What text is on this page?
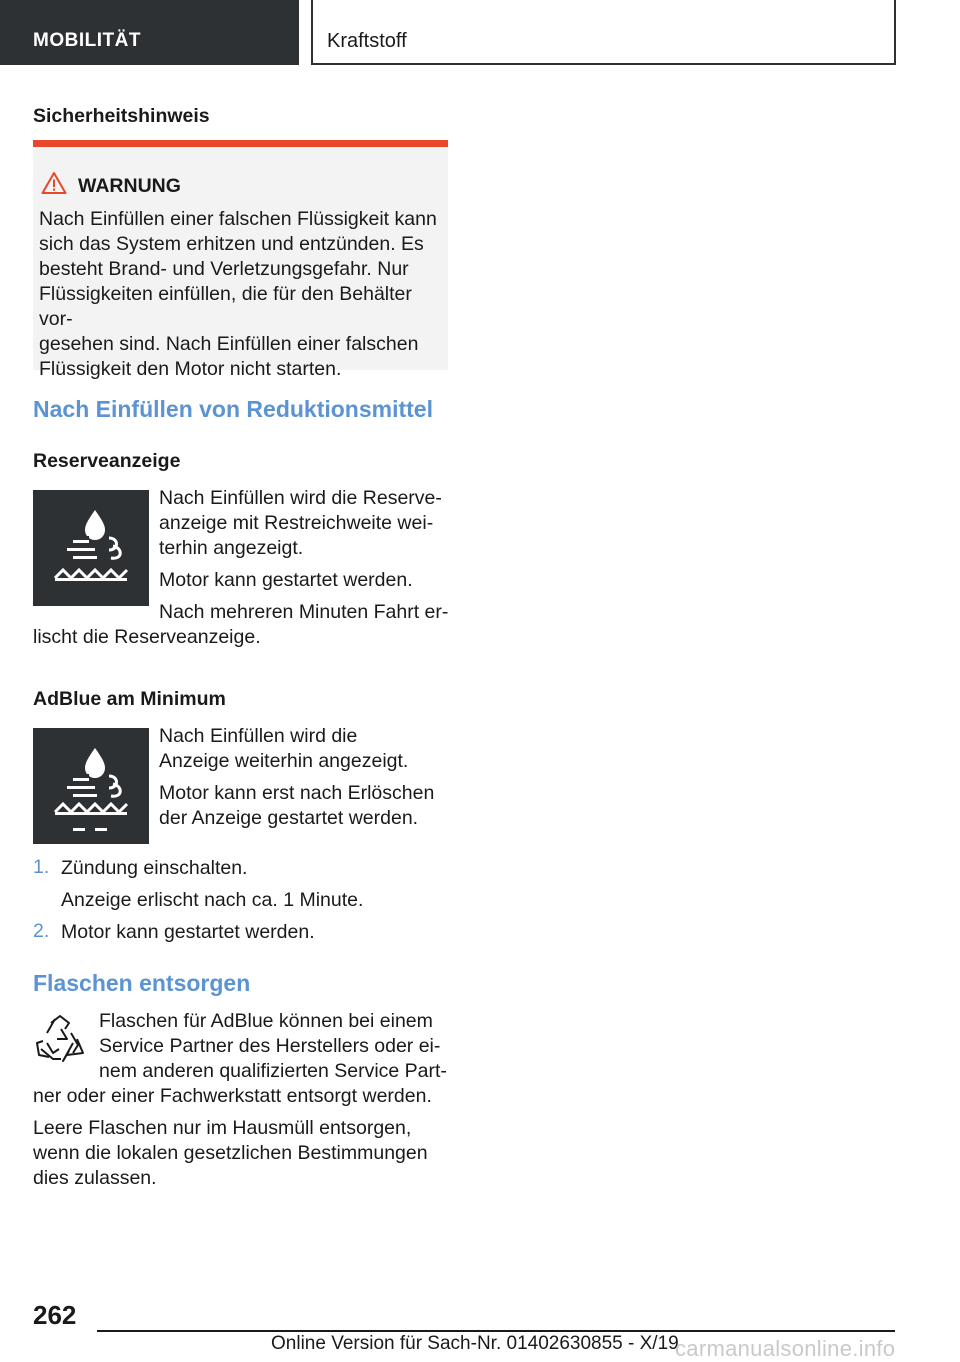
MOBILITÄT	Kraftstoff
Sicherheitshinweis
WARNUNG
Nach Einfüllen einer falschen Flüssigkeit kann
sich das System erhitzen und entzünden. Es
besteht Brand- und Verletzungsgefahr. Nur
Flüssigkeiten einfüllen, die für den Behälter vor-
gesehen sind. Nach Einfüllen einer falschen
Flüssigkeit den Motor nicht starten.
Nach Einfüllen von Reduktionsmittel
Reserveanzeige
Nach Einfüllen wird die Reserve-
anzeige mit Restreichweite wei-
terhin angezeigt.
Motor kann gestartet werden.
Nach mehreren Minuten Fahrt er-
lischt die Reserveanzeige.
AdBlue am Minimum
Nach Einfüllen wird die
Anzeige weiterhin angezeigt.
Motor kann erst nach Erlöschen
der Anzeige gestartet werden.
1. Zündung einschalten.
Anzeige erlischt nach ca. 1 Minute.
2. Motor kann gestartet werden.
Flaschen entsorgen
Flaschen für AdBlue können bei einem
Service Partner des Herstellers oder ei-
nem anderen qualifizierten Service Part-
ner oder einer Fachwerkstatt entsorgt werden.
Leere Flaschen nur im Hausmüll entsorgen,
wenn die lokalen gesetzlichen Bestimmungen
dies zulassen.
262
Online Version für Sach-Nr. 01402630855 - X/19
carmanualsonline.info
